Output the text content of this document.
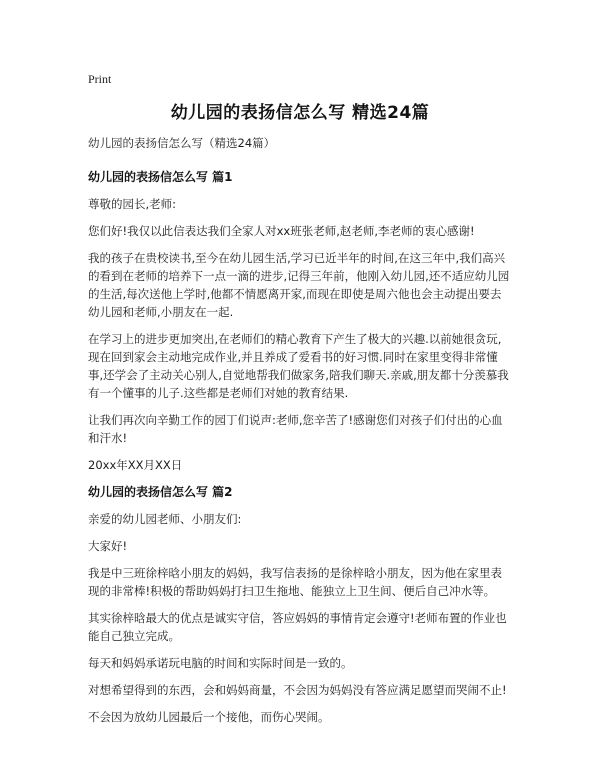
Print
幼儿园的表扬信怎么写 精选24篇
幼儿园的表扬信怎么写（精选24篇）
幼儿园的表扬信怎么写 篇1
尊敬的园长,老师:
您们好!我仅以此信表达我们全家人对xx班张老师,赵老师,李老师的衷心感谢!
我的孩子在贵校读书,至今在幼儿园生活,学习已近半年的时间,在这三年中,我们高兴的看到在老师的培养下一点一滴的进步,记得三年前，他刚入幼儿园,还不适应幼儿园的生活,每次送他上学时,他都不情愿离开家,而现在即使是周六他也会主动提出要去幼儿园和老师,小朋友在一起.
在学习上的进步更加突出,在老师们的精心教育下产生了极大的兴趣.以前她很贪玩,现在回到家会主动地完成作业,并且养成了爱看书的好习惯.同时在家里变得非常懂事,还学会了主动关心别人,自觉地帮我们做家务,陪我们聊天.亲戚,朋友都十分羡慕我有一个懂事的儿子.这些都是老师们对她的教育结果.
让我们再次向辛勤工作的园丁们说声:老师,您辛苦了!感谢您们对孩子们付出的心血和汗水!
20xx年XX月XX日
幼儿园的表扬信怎么写 篇2
亲爱的幼儿园老师、小朋友们:
大家好!
我是中三班徐梓晗小朋友的妈妈，我写信表扬的是徐梓晗小朋友，因为他在家里表现的非常棒!积极的帮助妈妈打扫卫生拖地、能独立上卫生间、便后自己冲水等。
其实徐梓晗最大的优点是诚实守信，答应妈妈的事情肯定会遵守!老师布置的作业也能自己独立完成。
每天和妈妈承诺玩电脑的时间和实际时间是一致的。
对想希望得到的东西，会和妈妈商量，不会因为妈妈没有答应满足愿望而哭闹不止!
不会因为放幼儿园最后一个接他，而伤心哭闹。
